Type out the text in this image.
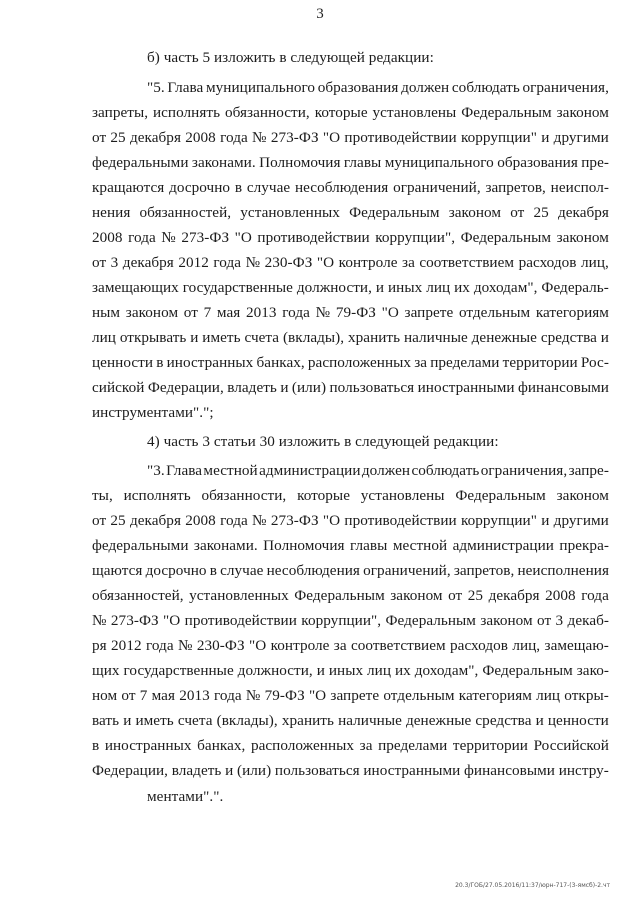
3
б) часть 5 изложить в следующей редакции:
"5. Глава муниципального образования должен соблюдать ограничения,
запреты, исполнять обязанности, которые установлены Федеральным законом
от 25 декабря 2008 года № 273-ФЗ "О противодействии коррупции" и другими
федеральными законами. Полномочия главы муниципального образования пре-
кращаются досрочно в случае несоблюдения ограничений, запретов, неиспол-
нения обязанностей, установленных Федеральным законом от 25 декабря
2008 года № 273-ФЗ "О противодействии коррупции", Федеральным законом
от 3 декабря 2012 года № 230-ФЗ "О контроле за соответствием расходов лиц,
замещающих государственные должности, и иных лиц их доходам", Федераль-
ным законом от 7 мая 2013 года № 79-ФЗ "О запрете отдельным категориям
лиц открывать и иметь счета (вклады), хранить наличные денежные средства и
ценности в иностранных банках, расположенных за пределами территории Рос-
сийской Федерации, владеть и (или) пользоваться иностранными финансовыми
инструментами".";
4) часть 3 статьи 30 изложить в следующей редакции:
"3. Глава местной администрации должен соблюдать ограничения, запре-
ты, исполнять обязанности, которые установлены Федеральным законом
от 25 декабря 2008 года № 273-ФЗ "О противодействии коррупции" и другими
федеральными законами. Полномочия главы местной администрации прекра-
щаются досрочно в случае несоблюдения ограничений, запретов, неисполнения
обязанностей, установленных Федеральным законом от 25 декабря 2008 года
№ 273-ФЗ "О противодействии коррупции", Федеральным законом от 3 декаб-
ря 2012 года № 230-ФЗ "О контроле за соответствием расходов лиц, замещаю-
щих государственные должности, и иных лиц их доходам", Федеральным зако-
ном от 7 мая 2013 года № 79-ФЗ "О запрете отдельным категориям лиц откры-
вать и иметь счета (вклады), хранить наличные денежные средства и ценности
в иностранных банках, расположенных за пределами территории Российской
Федерации, владеть и (или) пользоваться иностранными финансовыми инстру-
ментами".".
20.3/ГОБ/27.05.2016/11:37/юрн-717-(3-ямсб)-2.чт
